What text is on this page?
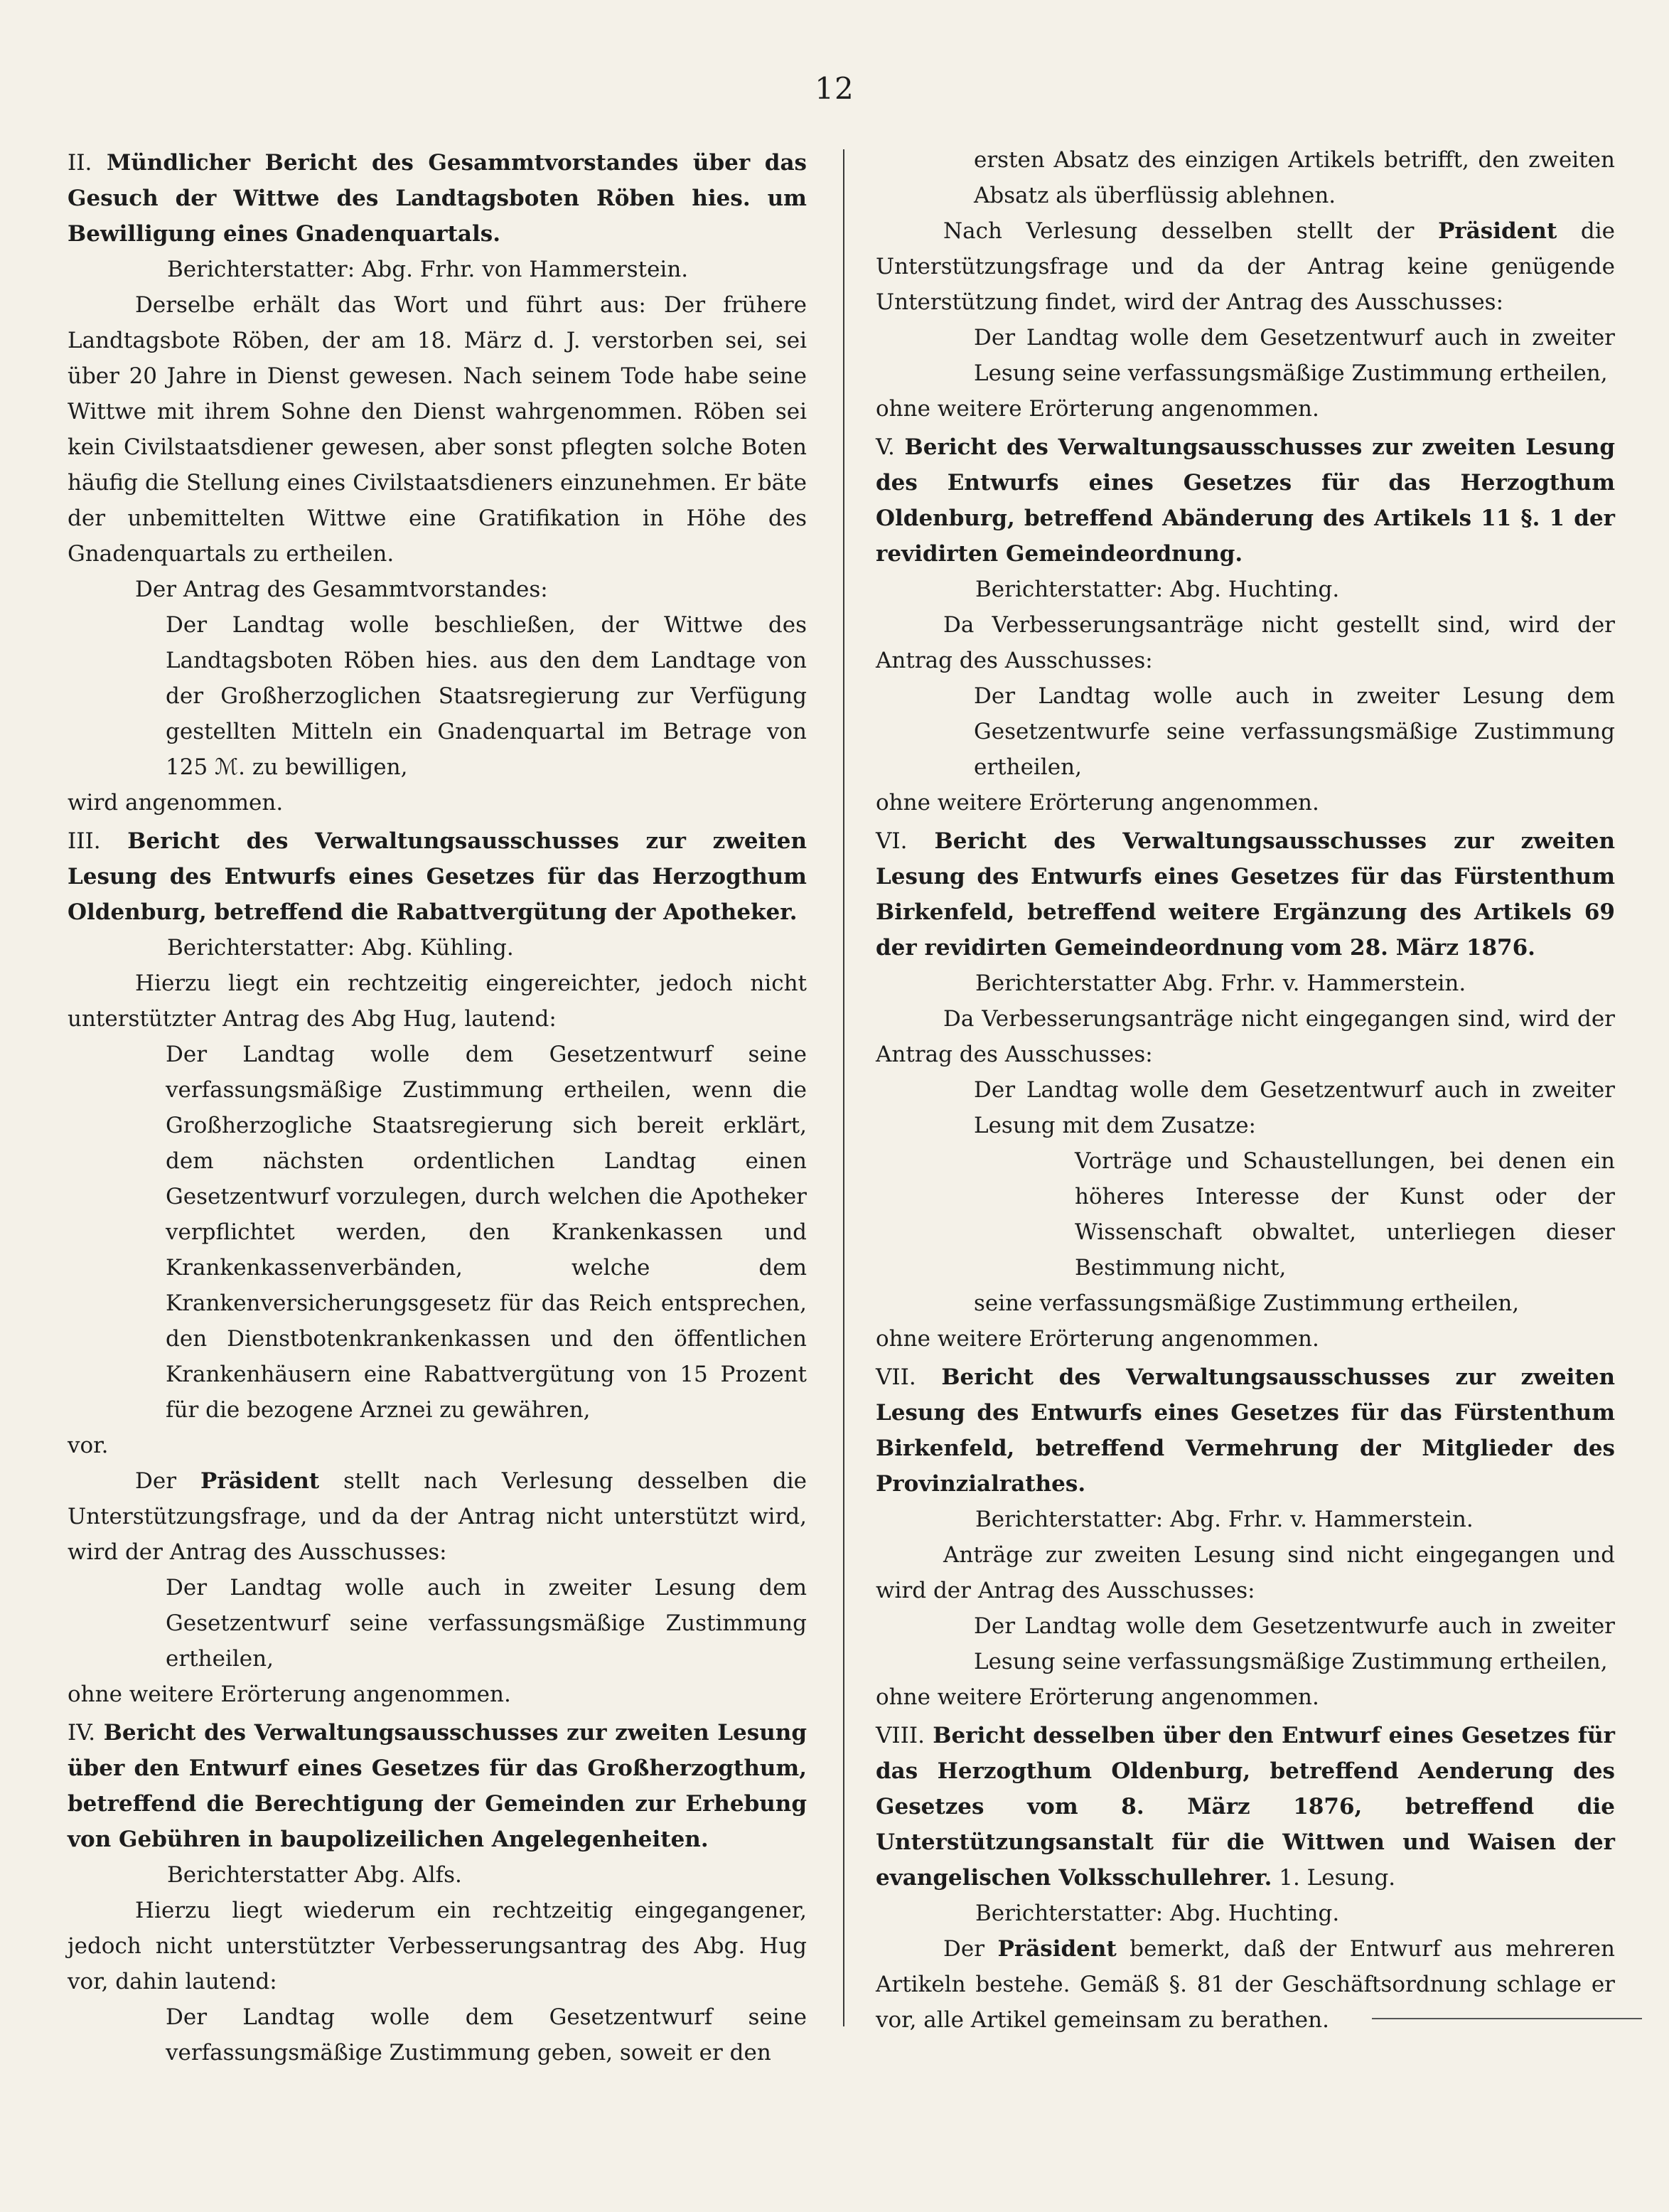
12

II. Mündlicher Bericht des Gesammtvorstandes über das Gesuch der Wittwe des Landtagsboten Röben hies. um Bewilligung eines Gnadenquartals.

Berichterstatter: Abg. Frhr. von Hammerstein.

Derselbe erhält das Wort und führt aus: Der frühere Landtagsbote Röben, der am 18. März d. J. verstorben sei, sei über 20 Jahre in Dienst gewesen. Nach seinem Tode habe seine Wittwe mit ihrem Sohne den Dienst wahrgenommen. Röben sei kein Civilstaatsdiener gewesen, aber sonst pflegten solche Boten häufig die Stellung eines Civilstaatsdieners einzunehmen. Er bäte der unbemittelten Wittwe eine Gratifikation in Höhe des Gnadenquartals zu ertheilen.

Der Antrag des Gesammtvorstandes:

Der Landtag wolle beschließen, der Wittwe des Landtagsboten Röben hies. aus den dem Landtage von der Großherzoglichen Staatsregierung zur Verfügung gestellten Mitteln ein Gnadenquartal im Betrage von 125 ℳ. zu bewilligen,

wird angenommen.

III. Bericht des Verwaltungsausschusses zur zweiten Lesung des Entwurfs eines Gesetzes für das Herzogthum Oldenburg, betreffend die Rabattvergütung der Apotheker.

Berichterstatter: Abg. Kühling.

Hierzu liegt ein rechtzeitig eingereichter, jedoch nicht unterstützter Antrag des Abg Hug, lautend:

Der Landtag wolle dem Gesetzentwurf seine verfassungsmäßige Zustimmung ertheilen, wenn die Großherzogliche Staatsregierung sich bereit erklärt, dem nächsten ordentlichen Landtag einen Gesetzentwurf vorzulegen, durch welchen die Apotheker verpflichtet werden, den Krankenkassen und Krankenkassenverbänden, welche dem Krankenversicherungsgesetz für das Reich entsprechen, den Dienstbotenkrankenkassen und den öffentlichen Krankenhäusern eine Rabattvergütung von 15 Prozent für die bezogene Arznei zu gewähren,

vor.

Der Präsident stellt nach Verlesung desselben die Unterstützungsfrage, und da der Antrag nicht unterstützt wird, wird der Antrag des Ausschusses:

Der Landtag wolle auch in zweiter Lesung dem Gesetzentwurf seine verfassungsmäßige Zustimmung ertheilen,

ohne weitere Erörterung angenommen.

IV. Bericht des Verwaltungsausschusses zur zweiten Lesung über den Entwurf eines Gesetzes für das Großherzogthum, betreffend die Berechtigung der Gemeinden zur Erhebung von Gebühren in baupolizeilichen Angelegenheiten.

Berichterstatter Abg. Alfs.

Hierzu liegt wiederum ein rechtzeitig eingegangener, jedoch nicht unterstützter Verbesserungsantrag des Abg. Hug vor, dahin lautend:

Der Landtag wolle dem Gesetzentwurf seine verfassungsmäßige Zustimmung geben, soweit er den

ersten Absatz des einzigen Artikels betrifft, den zweiten Absatz als überflüssig ablehnen.

Nach Verlesung desselben stellt der Präsident die Unterstützungsfrage und da der Antrag keine genügende Unterstützung findet, wird der Antrag des Ausschusses:

Der Landtag wolle dem Gesetzentwurf auch in zweiter Lesung seine verfassungsmäßige Zustimmung ertheilen,

ohne weitere Erörterung angenommen.

V. Bericht des Verwaltungsausschusses zur zweiten Lesung des Entwurfs eines Gesetzes für das Herzogthum Oldenburg, betreffend Abänderung des Artikels 11 §. 1 der revidirten Gemeindeordnung.

Berichterstatter: Abg. Huchting.

Da Verbesserungsanträge nicht gestellt sind, wird der Antrag des Ausschusses:

Der Landtag wolle auch in zweiter Lesung dem Gesetzentwurfe seine verfassungsmäßige Zustimmung ertheilen,

ohne weitere Erörterung angenommen.

VI. Bericht des Verwaltungsausschusses zur zweiten Lesung des Entwurfs eines Gesetzes für das Fürstenthum Birkenfeld, betreffend weitere Ergänzung des Artikels 69 der revidirten Gemeindeordnung vom 28. März 1876.

Berichterstatter Abg. Frhr. v. Hammerstein.

Da Verbesserungsanträge nicht eingegangen sind, wird der Antrag des Ausschusses:

Der Landtag wolle dem Gesetzentwurf auch in zweiter Lesung mit dem Zusatze:

Vorträge und Schaustellungen, bei denen ein höheres Interesse der Kunst oder der Wissenschaft obwaltet, unterliegen dieser Bestimmung nicht,

seine verfassungsmäßige Zustimmung ertheilen,

ohne weitere Erörterung angenommen.

VII. Bericht des Verwaltungsausschusses zur zweiten Lesung des Entwurfs eines Gesetzes für das Fürstenthum Birkenfeld, betreffend Vermehrung der Mitglieder des Provinzialrathes.

Berichterstatter: Abg. Frhr. v. Hammerstein.

Anträge zur zweiten Lesung sind nicht eingegangen und wird der Antrag des Ausschusses:

Der Landtag wolle dem Gesetzentwurfe auch in zweiter Lesung seine verfassungsmäßige Zustimmung ertheilen,

ohne weitere Erörterung angenommen.

VIII. Bericht desselben über den Entwurf eines Gesetzes für das Herzogthum Oldenburg, betreffend Aenderung des Gesetzes vom 8. März 1876, betreffend die Unterstützungsanstalt für die Wittwen und Waisen der evangelischen Volksschullehrer. 1. Lesung.

Berichterstatter: Abg. Huchting.

Der Präsident bemerkt, daß der Entwurf aus mehreren Artikeln bestehe. Gemäß §. 81 der Geschäftsordnung schlage er vor, alle Artikel gemeinsam zu berathen.
